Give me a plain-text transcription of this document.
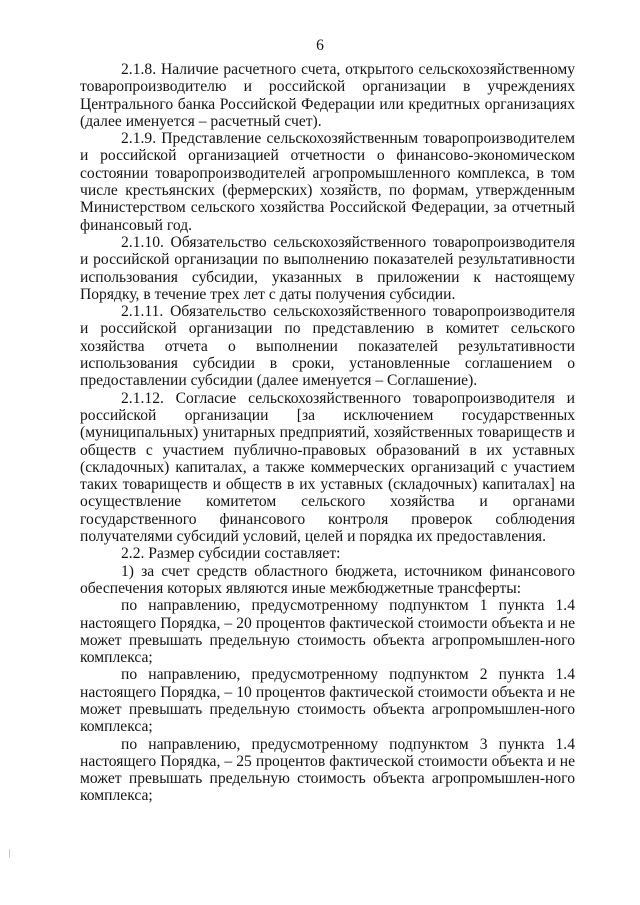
6

2.1.8. Наличие расчетного счета, открытого сельскохозяйственному товаропроизводителю и российской организации в учреждениях Центрального банка Российской Федерации или кредитных организациях (далее именуется – расчетный счет).

2.1.9. Представление сельскохозяйственным товаропроизводителем и российской организацией отчетности о финансово-экономическом состоянии товаропроизводителей агропромышленного комплекса, в том числе крестьянских (фермерских) хозяйств, по формам, утвержденным Министерством сельского хозяйства Российской Федерации, за отчетный финансовый год.

2.1.10. Обязательство сельскохозяйственного товаропроизводителя и российской организации по выполнению показателей результативности использования субсидии, указанных в приложении к настоящему Порядку, в течение трех лет с даты получения субсидии.

2.1.11. Обязательство сельскохозяйственного товаропроизводителя и российской организации по представлению в комитет сельского хозяйства отчета о выполнении показателей результативности использования субсидии в сроки, установленные соглашением о предоставлении субсидии (далее именуется – Соглашение).

2.1.12. Согласие сельскохозяйственного товаропроизводителя и российской организации [за исключением государственных (муниципальных) унитарных предприятий, хозяйственных товариществ и обществ с участием публично-правовых образований в их уставных (складочных) капиталах, а также коммерческих организаций с участием таких товариществ и обществ в их уставных (складочных) капиталах] на осуществление комитетом сельского хозяйства и органами государственного финансового контроля проверок соблюдения получателями субсидий условий, целей и порядка их предоставления.

2.2. Размер субсидии составляет:

1) за счет средств областного бюджета, источником финансового обеспечения которых являются иные межбюджетные трансферты:

по направлению, предусмотренному подпунктом 1 пункта 1.4 настоящего Порядка, – 20 процентов фактической стоимости объекта и не может превышать предельную стоимость объекта агропромышлен-ного комплекса;

по направлению, предусмотренному подпунктом 2 пункта 1.4 настоящего Порядка, – 10 процентов фактической стоимости объекта и не может превышать предельную стоимость объекта агропромышлен-ного комплекса;

по направлению, предусмотренному подпунктом 3 пункта 1.4 настоящего Порядка, – 25 процентов фактической стоимости объекта и не может превышать предельную стоимость объекта агропромышлен-ного комплекса;
